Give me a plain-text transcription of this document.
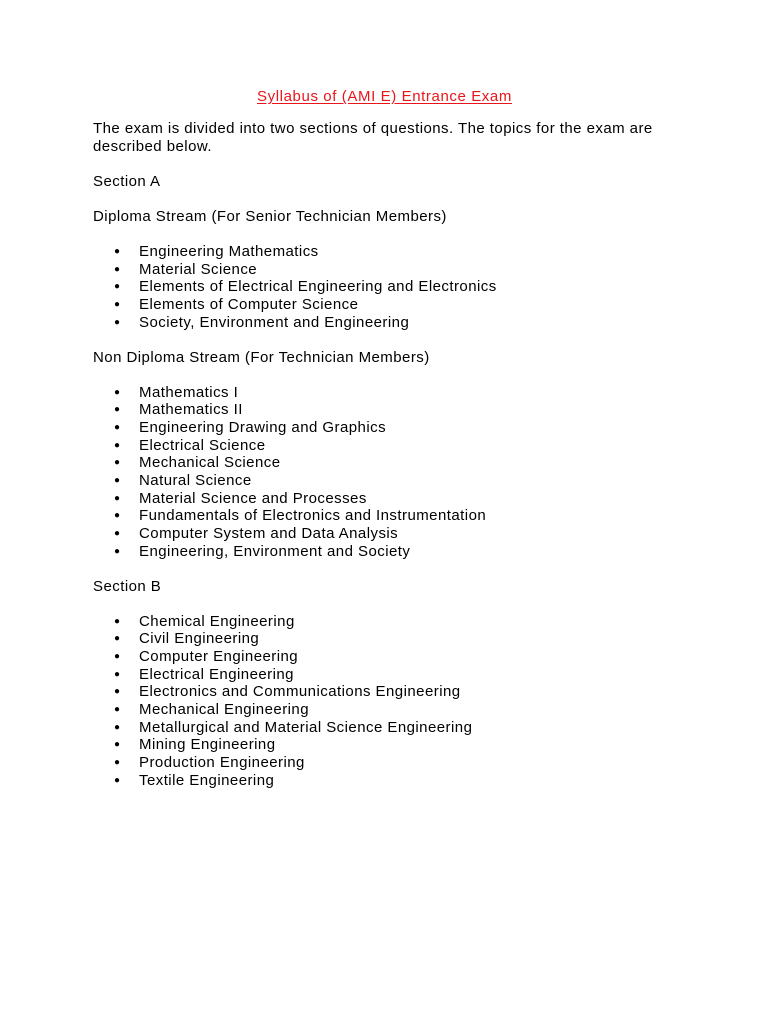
Syllabus of (AMI E) Entrance Exam

The exam is divided into two sections of questions. The topics for the exam are described below.

Section A

Diploma Stream (For Senior Technician Members)

● Engineering Mathematics
● Material Science
● Elements of Electrical Engineering and Electronics
● Elements of Computer Science
● Society, Environment and Engineering

Non Diploma Stream (For Technician Members)

● Mathematics I
● Mathematics II
● Engineering Drawing and Graphics
● Electrical Science
● Mechanical Science
● Natural Science
● Material Science and Processes
● Fundamentals of Electronics and Instrumentation
● Computer System and Data Analysis
● Engineering, Environment and Society

Section B

● Chemical Engineering
● Civil Engineering
● Computer Engineering
● Electrical Engineering
● Electronics and Communications Engineering
● Mechanical Engineering
● Metallurgical and Material Science Engineering
● Mining Engineering
● Production Engineering
● Textile Engineering
